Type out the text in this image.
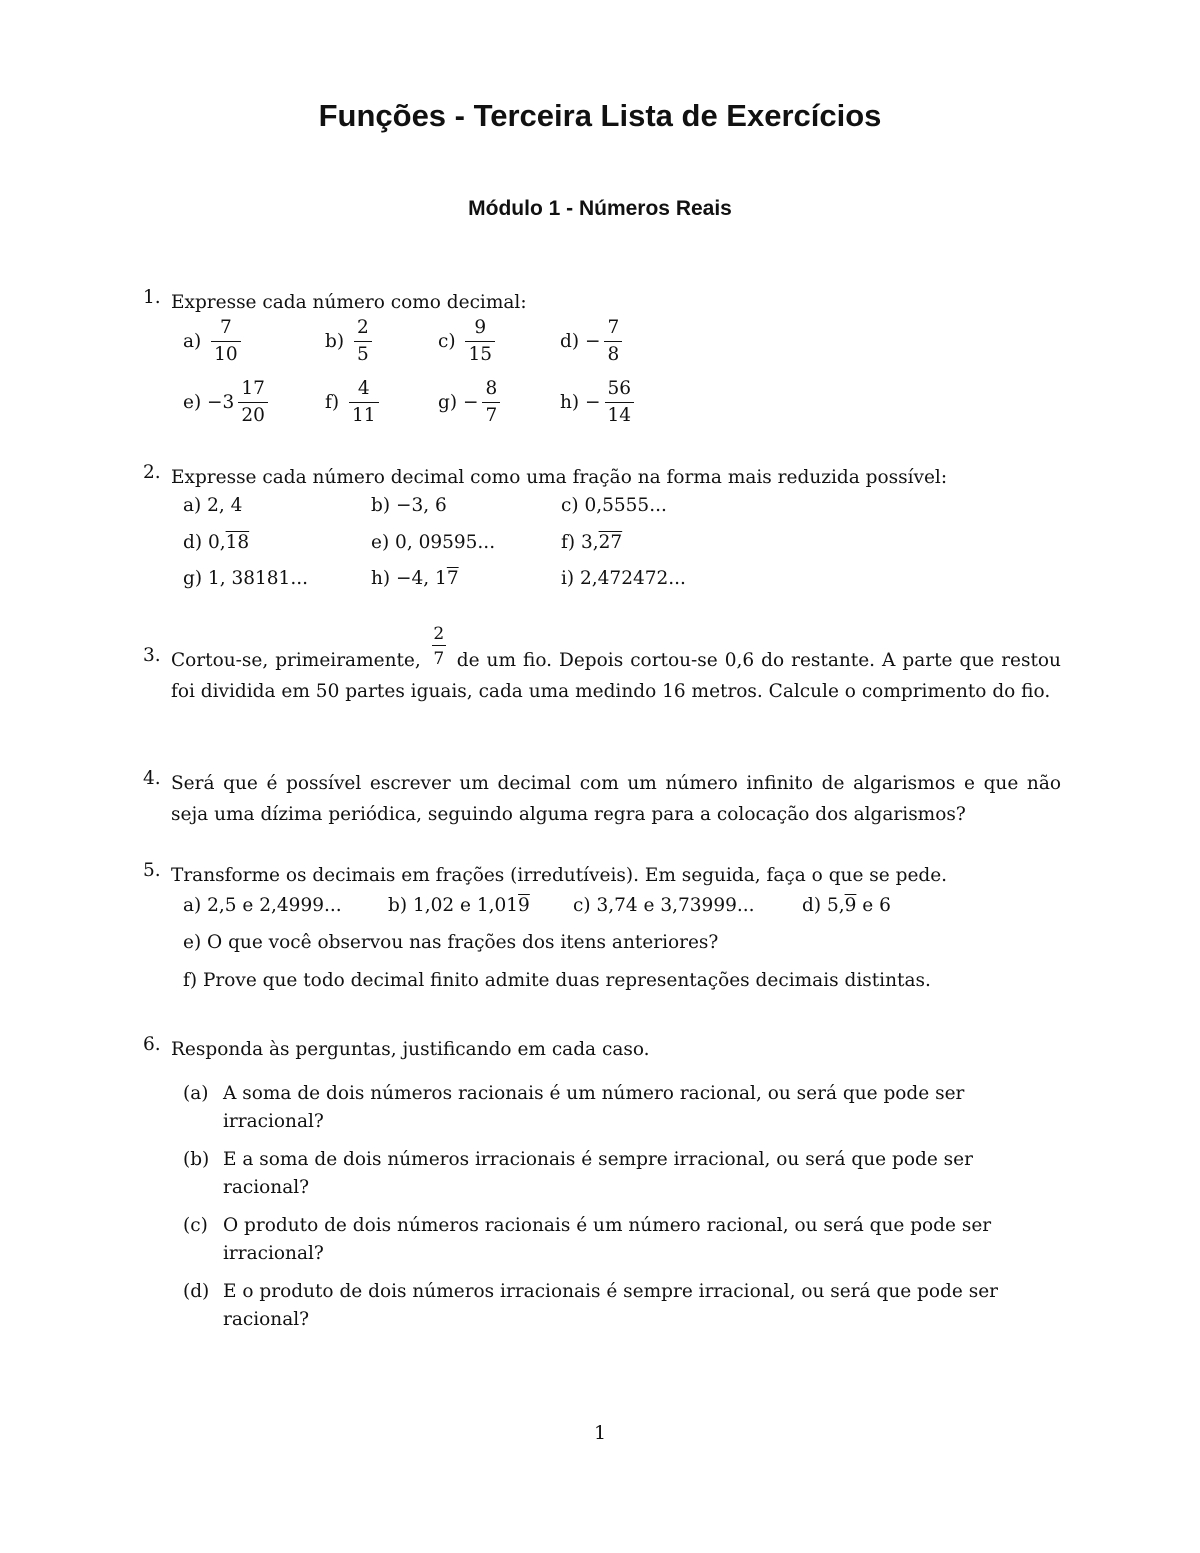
Funções - Terceira Lista de Exercícios
Módulo 1 - Números Reais
1. Expresse cada número como decimal:
$a) \frac{7}{10}$	$b) \frac{2}{5}$	$c) \frac{9}{15}$	$d) - \frac{7}{8}$
$e) -3 \frac{17}{20}$	$f) \frac{4}{11}$	$g) - \frac{8}{7}$	$h) - \frac{56}{14}$
2. Expresse cada número decimal como uma fração na forma mais reduzida possível:
a) 2, 4	b) −3, 6	c) 0,5555...
d) 0,18	e) 0, 09595...	f) 3,27
g) 1, 38181...	h) −4, 17	i) 2,472472...
3. Cortou-se, primeiramente, $\frac{2}{7}$ de um fio. Depois cortou-se 0,6 do restante. A parte que restou foi dividida em 50 partes iguais, cada uma medindo 16 metros. Calcule o comprimento do fio.
4. Será que é possível escrever um decimal com um número infinito de algarismos e que não seja uma dízima periódica, seguindo alguma regra para a colocação dos algarismos?
5. Transforme os decimais em frações (irredutíveis). Em seguida, faça o que se pede.
a) 2,5 e 2,4999...	b) 1,02 e 1,019 c) 3,74 e 3,73999...	d) 5,9 e 6
e) O que você observou nas frações dos itens anteriores?
f) Prove que todo decimal finito admite duas representações decimais distintas.
6. Responda às perguntas, justificando em cada caso.
(a) A soma de dois números racionais é um número racional, ou será que pode ser irracional?
(b) E a soma de dois números irracionais é sempre irracional, ou será que pode ser racional?
(c) O produto de dois números racionais é um número racional, ou será que pode ser irracional?
(d) E o produto de dois números irracionais é sempre irracional, ou será que pode ser racional?
1
